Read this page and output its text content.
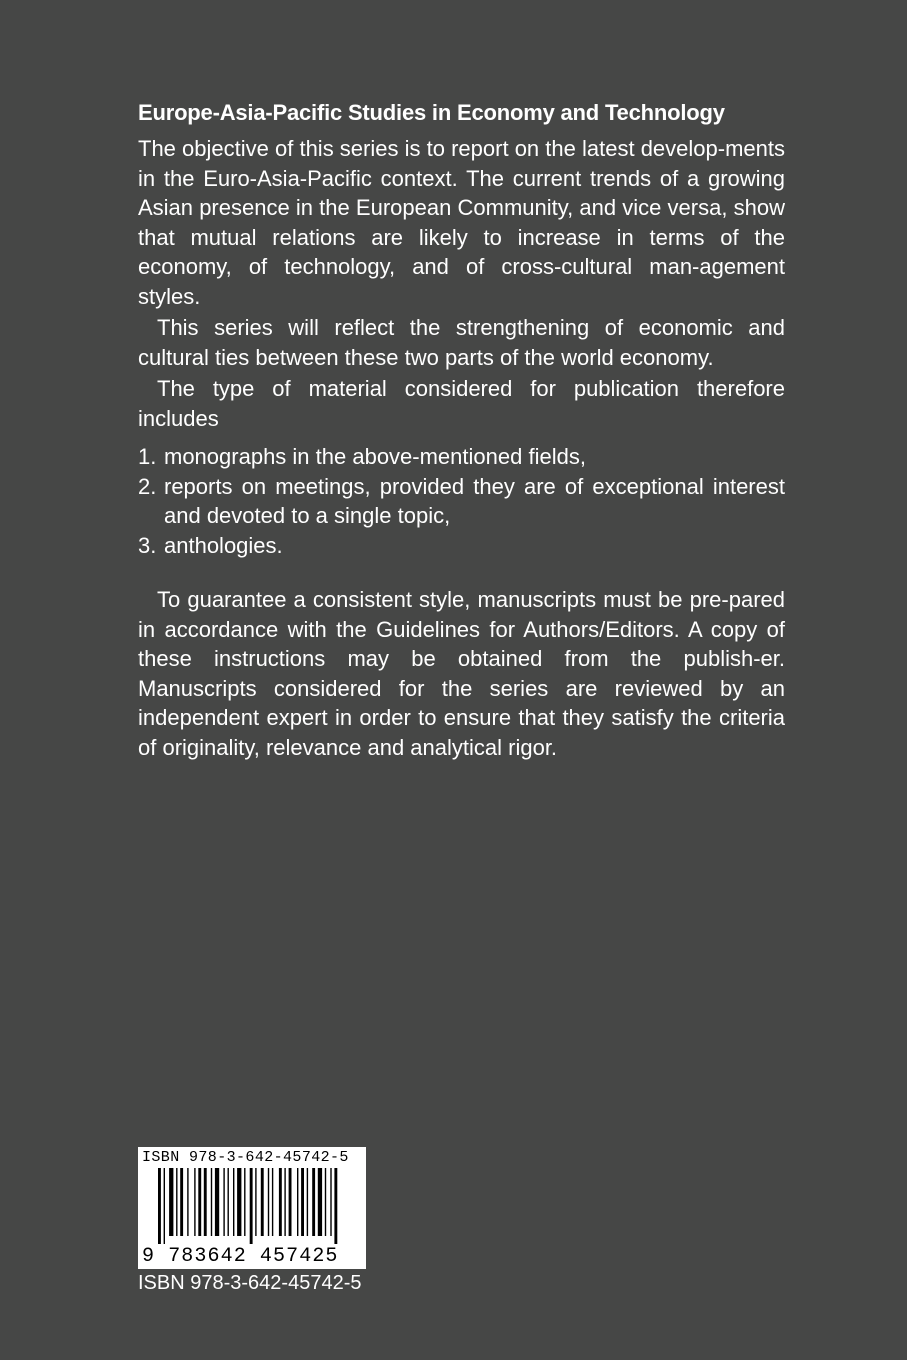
Europe-Asia-Pacific Studies in Economy and Technology

The objective of this series is to report on the latest develop-ments in the Euro-Asia-Pacific context. The current trends of a growing Asian presence in the European Community, and vice versa, show that mutual relations are likely to increase in terms of the economy, of technology, and of cross-cultural man-agement styles.

This series will reflect the strengthening of economic and cultural ties between these two parts of the world economy.

The type of material considered for publication therefore includes

1. monographs in the above-mentioned fields,
2. reports on meetings, provided they are of exceptional interest and devoted to a single topic,
3. anthologies.

To guarantee a consistent style, manuscripts must be pre-pared in accordance with the Guidelines for Authors/Editors. A copy of these instructions may be obtained from the publish-er. Manuscripts considered for the series are reviewed by an independent expert in order to ensure that they satisfy the criteria of originality, relevance and analytical rigor.

ISBN 978-3-642-45742-5
9 783642 457425
ISBN 978-3-642-45742-5
